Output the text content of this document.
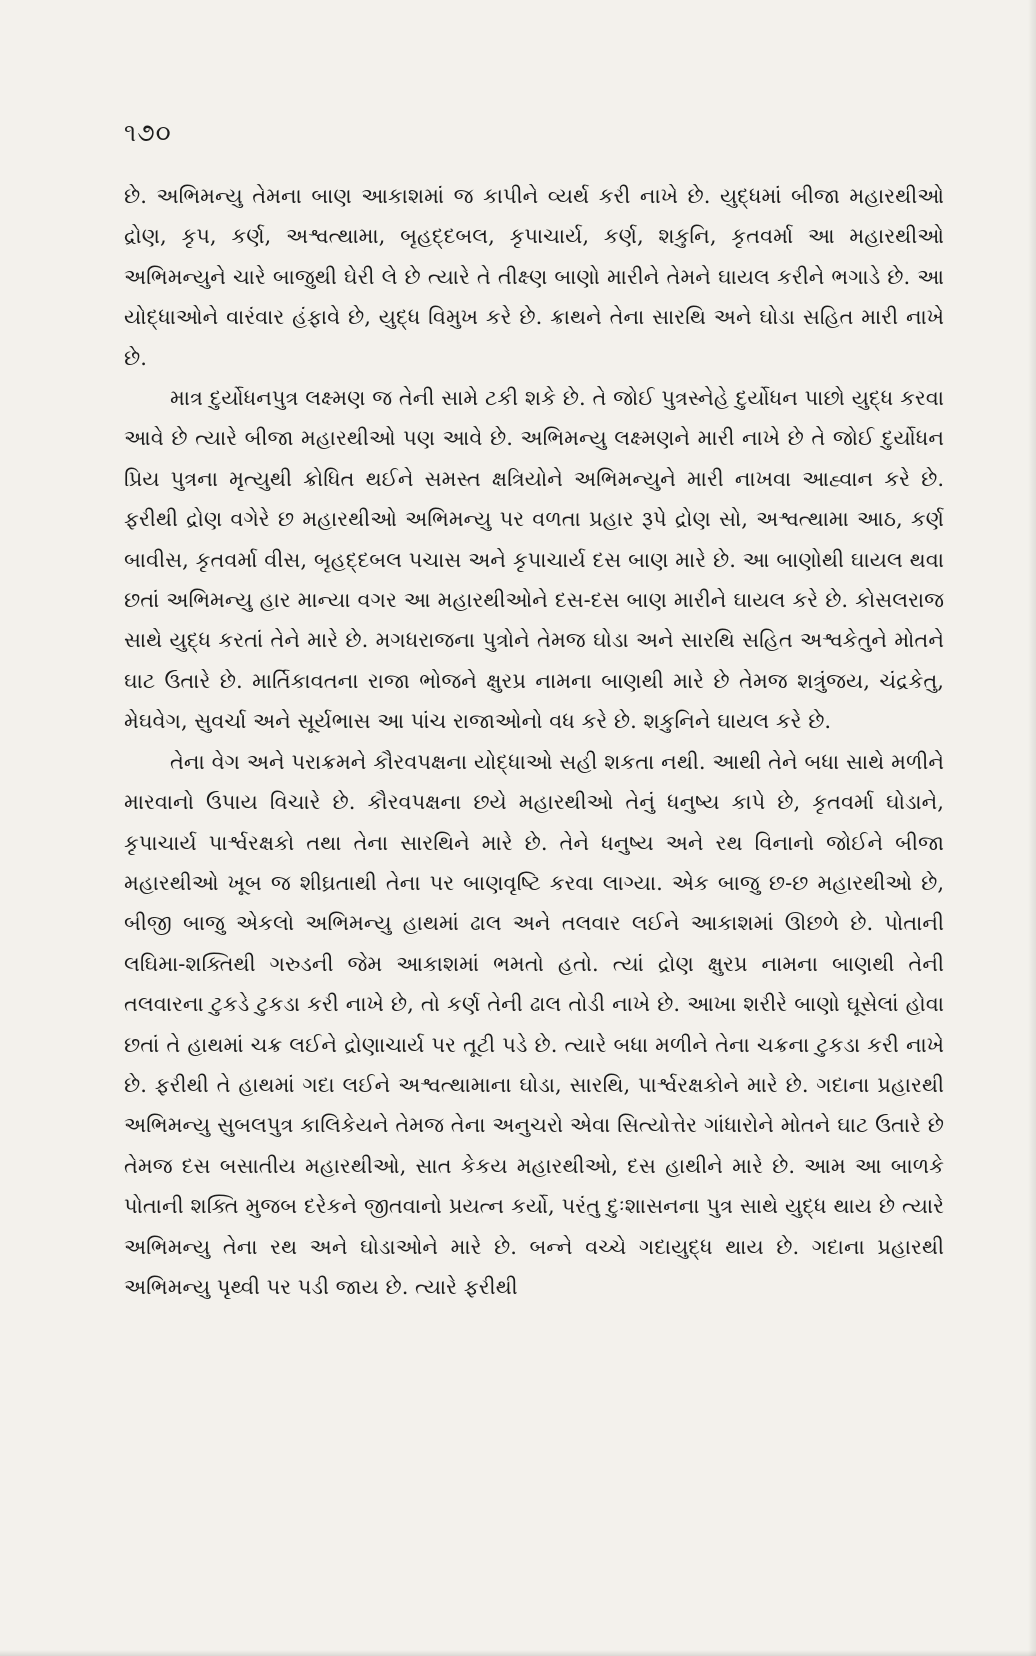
૧૭૦

છે. અભિમન્યુ તેમના બાણ આકાશમાં જ કાપીને વ્યર્થ કરી નાખે છે. યુદ્ધમાં બીજા મહારથીઓ દ્રોણ, કૃપ, કર્ણ, અશ્વત્થામા, બૃહદ્દબલ, કૃપાચાર્ય, કર્ણ, શકુનિ, કૃતવર્મા આ મહારથીઓ અભિમન્યુને ચારે બાજુથી ઘેરી લે છે ત્યારે તે તીક્ષ્ણ બાણો મારીને તેમને ઘાયલ કરીને ભગાડે છે. આ યોદ્ધાઓને વારંવાર હંફાવે છે, યુદ્ધ વિમુખ કરે છે. ક્રાથને તેના સારથિ અને ઘોડા સહિત મારી નાખે છે.

માત્ર દુર્યોધનપુત્ર લક્ષ્મણ જ તેની સામે ટકી શકે છે. તે જોઈ પુત્રસ્નેહે દુર્યોધન પાછો યુદ્ધ કરવા આવે છે ત્યારે બીજા મહારથીઓ પણ આવે છે. અભિમન્યુ લક્ષ્મણને મારી નાખે છે તે જોઈ દુર્યોધન પ્રિય પુત્રના મૃત્યુથી ક્રોધિત થઈને સમસ્ત ક્ષત્રિયોને અભિમન્યુને મારી નાખવા આહ્વાન કરે છે. ફરીથી દ્રોણ વગેરે છ મહારથીઓ અભિમન્યુ પર વળતા પ્રહાર રૂપે દ્રોણ સો, અશ્વત્થામા આઠ, કર્ણ બાવીસ, કૃતવર્મા વીસ, બૃહદ્દબલ પચાસ અને કૃપાચાર્ય દસ બાણ મારે છે. આ બાણોથી ઘાયલ થવા છતાં અભિમન્યુ હાર માન્યા વગર આ મહારથીઓને દસ-દસ બાણ મારીને ઘાયલ કરે છે. કોસલરાજ સાથે યુદ્ધ કરતાં તેને મારે છે. મગધરાજના પુત્રોને તેમજ ઘોડા અને સારથિ સહિત અશ્વકેતુને મોતને ઘાટ ઉતારે છે. માર્તિકાવતના રાજા ભોજને ક્ષુરપ્ર નામના બાણથી મારે છે તેમજ શત્રુંજય, ચંદ્રકેતુ, મેઘવેગ, સુવર્ચા અને સૂર્યભાસ આ પાંચ રાજાઓનો વધ કરે છે. શકુનિને ઘાયલ કરે છે.

તેના વેગ અને પરાક્રમને કૌરવપક્ષના યોદ્ધાઓ સહી શકતા નથી. આથી તેને બધા સાથે મળીને મારવાનો ઉપાય વિચારે છે. કૌરવપક્ષના છયે મહારથીઓ તેનું ધનુષ્ય કાપે છે, કૃતવર્મા ઘોડાને, કૃપાચાર્ય પાર્શ્વરક્ષકો તથા તેના સારથિને મારે છે. તેને ધનુષ્ય અને રથ વિનાનો જોઈને બીજા મહારથીઓ ખૂબ જ શીઘ્રતાથી તેના પર બાણવૃષ્ટિ કરવા લાગ્યા. એક બાજુ છ-છ મહારથીઓ છે, બીજી બાજુ એકલો અભિમન્યુ હાથમાં ઢાલ અને તલવાર લઈને આકાશમાં ઊછળે છે. પોતાની લઘિમા-શક્તિથી ગરુડની જેમ આકાશમાં ભમતો હતો. ત્યાં દ્રોણ ક્ષુરપ્ર નામના બાણથી તેની તલવારના ટુકડે ટુકડા કરી નાખે છે, તો કર્ણ તેની ઢાલ તોડી નાખે છે. આખા શરીરે બાણો ઘૂસેલાં હોવા છતાં તે હાથમાં ચક્ર લઈને દ્રોણાચાર્ય પર તૂટી પડે છે. ત્યારે બધા મળીને તેના ચક્રના ટુકડા કરી નાખે છે. ફરીથી તે હાથમાં ગદા લઈને અશ્વત્થામાના ઘોડા, સારથિ, પાર્શ્વરક્ષકોને મારે છે. ગદાના પ્રહારથી અભિમન્યુ સુબલપુત્ર કાલિકેયને તેમજ તેના અનુચરો એવા સિત્યોત્તેર ગાંધારોને મોતને ઘાટ ઉતારે છે તેમજ દસ બસાતીય મહારથીઓ, સાત કેકય મહારથીઓ, દસ હાથીને મારે છે. આમ આ બાળકે પોતાની શક્તિ મુજબ દરેકને જીતવાનો પ્રયત્ન કર્યો, પરંતુ દુઃશાસનના પુત્ર સાથે યુદ્ધ થાય છે ત્યારે અભિમન્યુ તેના રથ અને ઘોડાઓને મારે છે. બન્ને વચ્ચે ગદાયુદ્ધ થાય છે. ગદાના પ્રહારથી અભિમન્યુ પૃથ્વી પર પડી જાય છે. ત્યારે ફરીથી
